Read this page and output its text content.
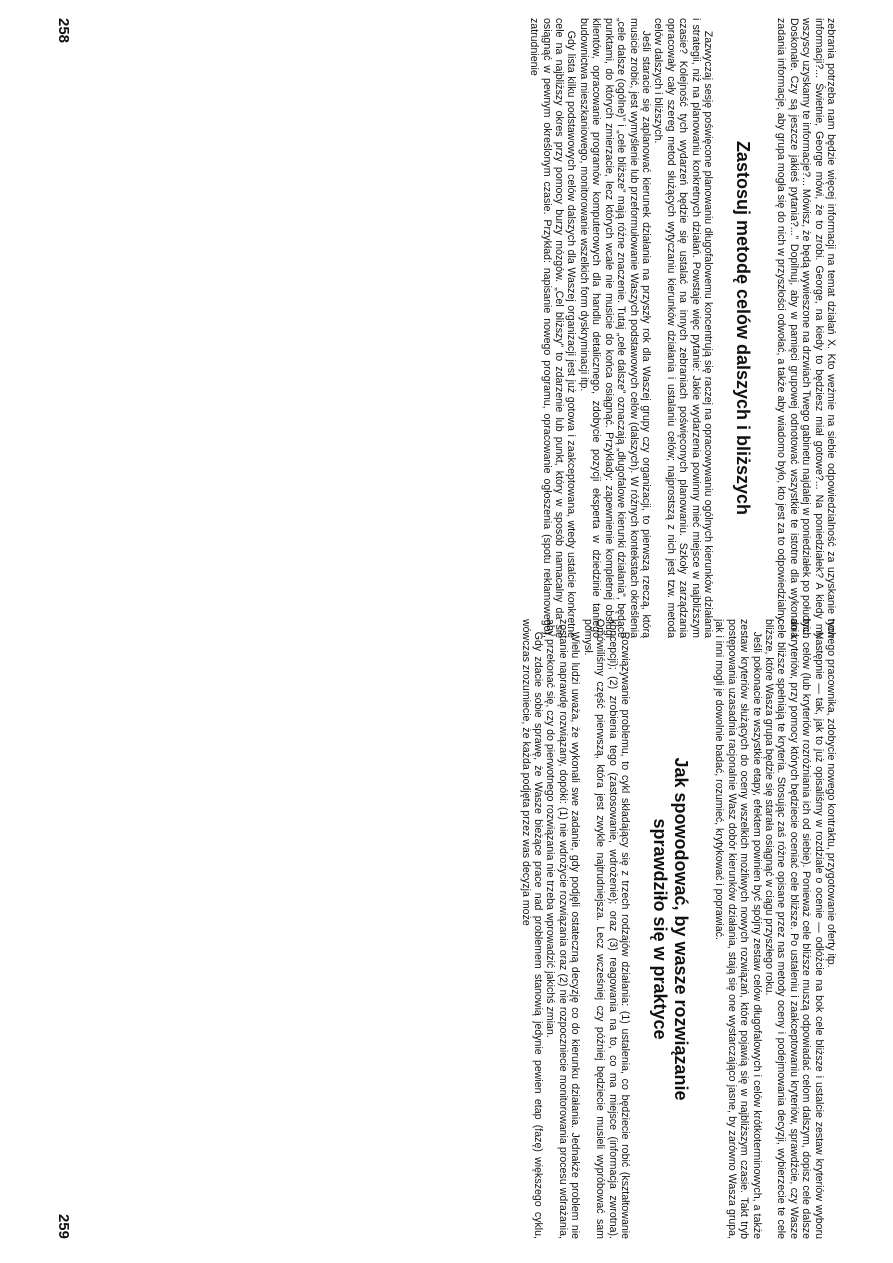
zebrania potrzeba nam będzie więcej informacji na temat działań X. Kto weźmie na siebie odpowiedzialność za uzyskanie tych informacji?... Świetnie, George mówi, że to zrobi. George, na kiedy to będziesz miał gotowe?... Na poniedziałek? A kiedy my wszyscy uzyskamy te informacje?... Mówisz, że będą wywieszone na drzwiach Twego gabinetu najdalej w poniedziałek po południu. Doskonale. Czy są jeszcze jakieś pytania?...” Dopilnuj, aby w pamięci grupowej odnotować wszystkie te istotne dla wykonania zadania informacje, aby grupa mogła się do nich w przyszłości odwołać, a także aby wiadomo było, kto jest za to odpowiedzialny.

Zastosuj metodę celów dalszych i bliższych

Zazwyczaj sesję poświęcone planowaniu długofalowemu koncentrują się raczej na opracowywaniu ogólnych kierunków działania i strategii, niż na planowaniu konkretnych działań. Powstaje więc pytanie: Jakie wydarzenia powinny mieć miejsce w najbliższym czasie? Kolejność tych wydarzeń będzie się ustalać na innych zebraniach poświęconych planowaniu. Szkoły zarządzania opracowały cały szereg metod służących wytyczaniu kierunków działania i ustalaniu celów; najprostszą z nich jest tzw. metoda celów dalszych i bliższych.

Jeśli staracie się zaplanować kierunek działania na przyszły rok dla Waszej grupy czy organizacji, to pierwszą rzeczą, którą musicie zrobić, jest wymyślenie lub przeformułowanie Waszych podstawowych celów (dalszych). W różnych kontekstach określenia „cele dalsze (ogólne)” i „cele bliższe” mają różne znaczenie. Tutaj „cele dalsze” oznaczają „długofalowe kierunki działania”, będące punktami, do których zmierzacie, lecz których wcale nie musicie do końca osiągnąć. Przykłady: zapewnienie kompletnej obsługi klientów, opracowanie programów komputerowych dla handlu detalicznego, zdobycie pozycji eksperta w dziedzinie taniego budownictwa mieszkaniowego, monitorowanie wszelkich form dyskryminacji itp.

Gdy lista kilku podstawowych celów dalszych dla Waszej organizacji jest już gotowa i zaakceptowana, wtedy ustalcie konkretne cele na najbliższy okres przy pomocy burzy mózgów. „Cel bliższy” to zdarzenie lub punkt, który w sposób namacalny da się osiągnąć w pewnym określonym czasie. Przykład: napisanie nowego programu, opracowanie ogłoszenia (spotu reklamowego), zatrudnienie

258

nowego pracownika, zdobycie nowego kontraktu, przygotowanie oferty itp.

Następnie — tak, jak to już opisaliśmy w rozdziale o ocenie — odłóżcie na bok cele bliższe i ustalcie zestaw kryteriów wyboru tych celów (lub kryteriów rozróżniania ich od siebie). Ponieważ cele bliższe muszą odpowiadać celom dalszym, dopisz cele dalsze do kryteriów, przy pomocy których będziecie oceniać cele bliższe. Po ustaleniu i zaakceptowaniu kryteriów, sprawdźcie, czy Wasze cele bliższe spełniają te kryteria. Stosując zaś różne opisane przez nas metody oceny i podejmowania decyzji, wybierzecie te cele bliższe, które Wasza grupa będzie się starała osiągnąć w ciągu przyszłego roku.

Jeśli pokonacie te wszystkie etapy, efektem powinien być spójny zestaw celów długofalowych i celów krótkoterminowych, a także zestaw kryteriów służących do oceny wszelkich możliwych nowych rozwiązań, które pojawią się w najbliższym czasie. Takt tryb postępowania uzasadnia racjonalnie Wasz dobór kierunków działania, stają się one wystarczająco jasne, by zarówno Wasza grupa, jak i inni mogli je dowolnie badać, rozumieć, krytykować i poprawiać.

Jak spowodować, by wasze rozwiązanie
sprawdziło się w praktyce

Rozwiązywanie problemu, to cykl składający się z trzech rodzajów działania: (1) ustalenia, co będziecie robić (kształtowanie koncepcji); (2) zrobienia tego (zastosowanie, wdrożenie); oraz (3) reagowania na to, co ma miejsce (informacja zwrotna). Omówiliśmy część pierwszą, która jest zwykle najtrudniejsza. Lecz wcześniej czy później będziecie musieli wypróbować sam pomysł.

Wielu ludzi uważa, że wykonali swe zadanie, gdy podjęli ostateczną decyzję co do kierunku działania. Jednakże problem nie zostanie naprawdę rozwiązany, dopóki: (1) nie wdrożycie rozwiązania oraz (2) nie rozpoczniecie monitorowania procesu wdrażania, aby przekonać się, czy do pierwotnego rozwiązania nie trzeba wprowadzić jakichś zmian.

Gdy zdacie sobie sprawę, że Wasze bieżące prace nad problemem stanowią jedynie pewien etap (fazę) większego cyklu, wówczas zrozumiecie, że każda podjęta przez was decyzja może

259
